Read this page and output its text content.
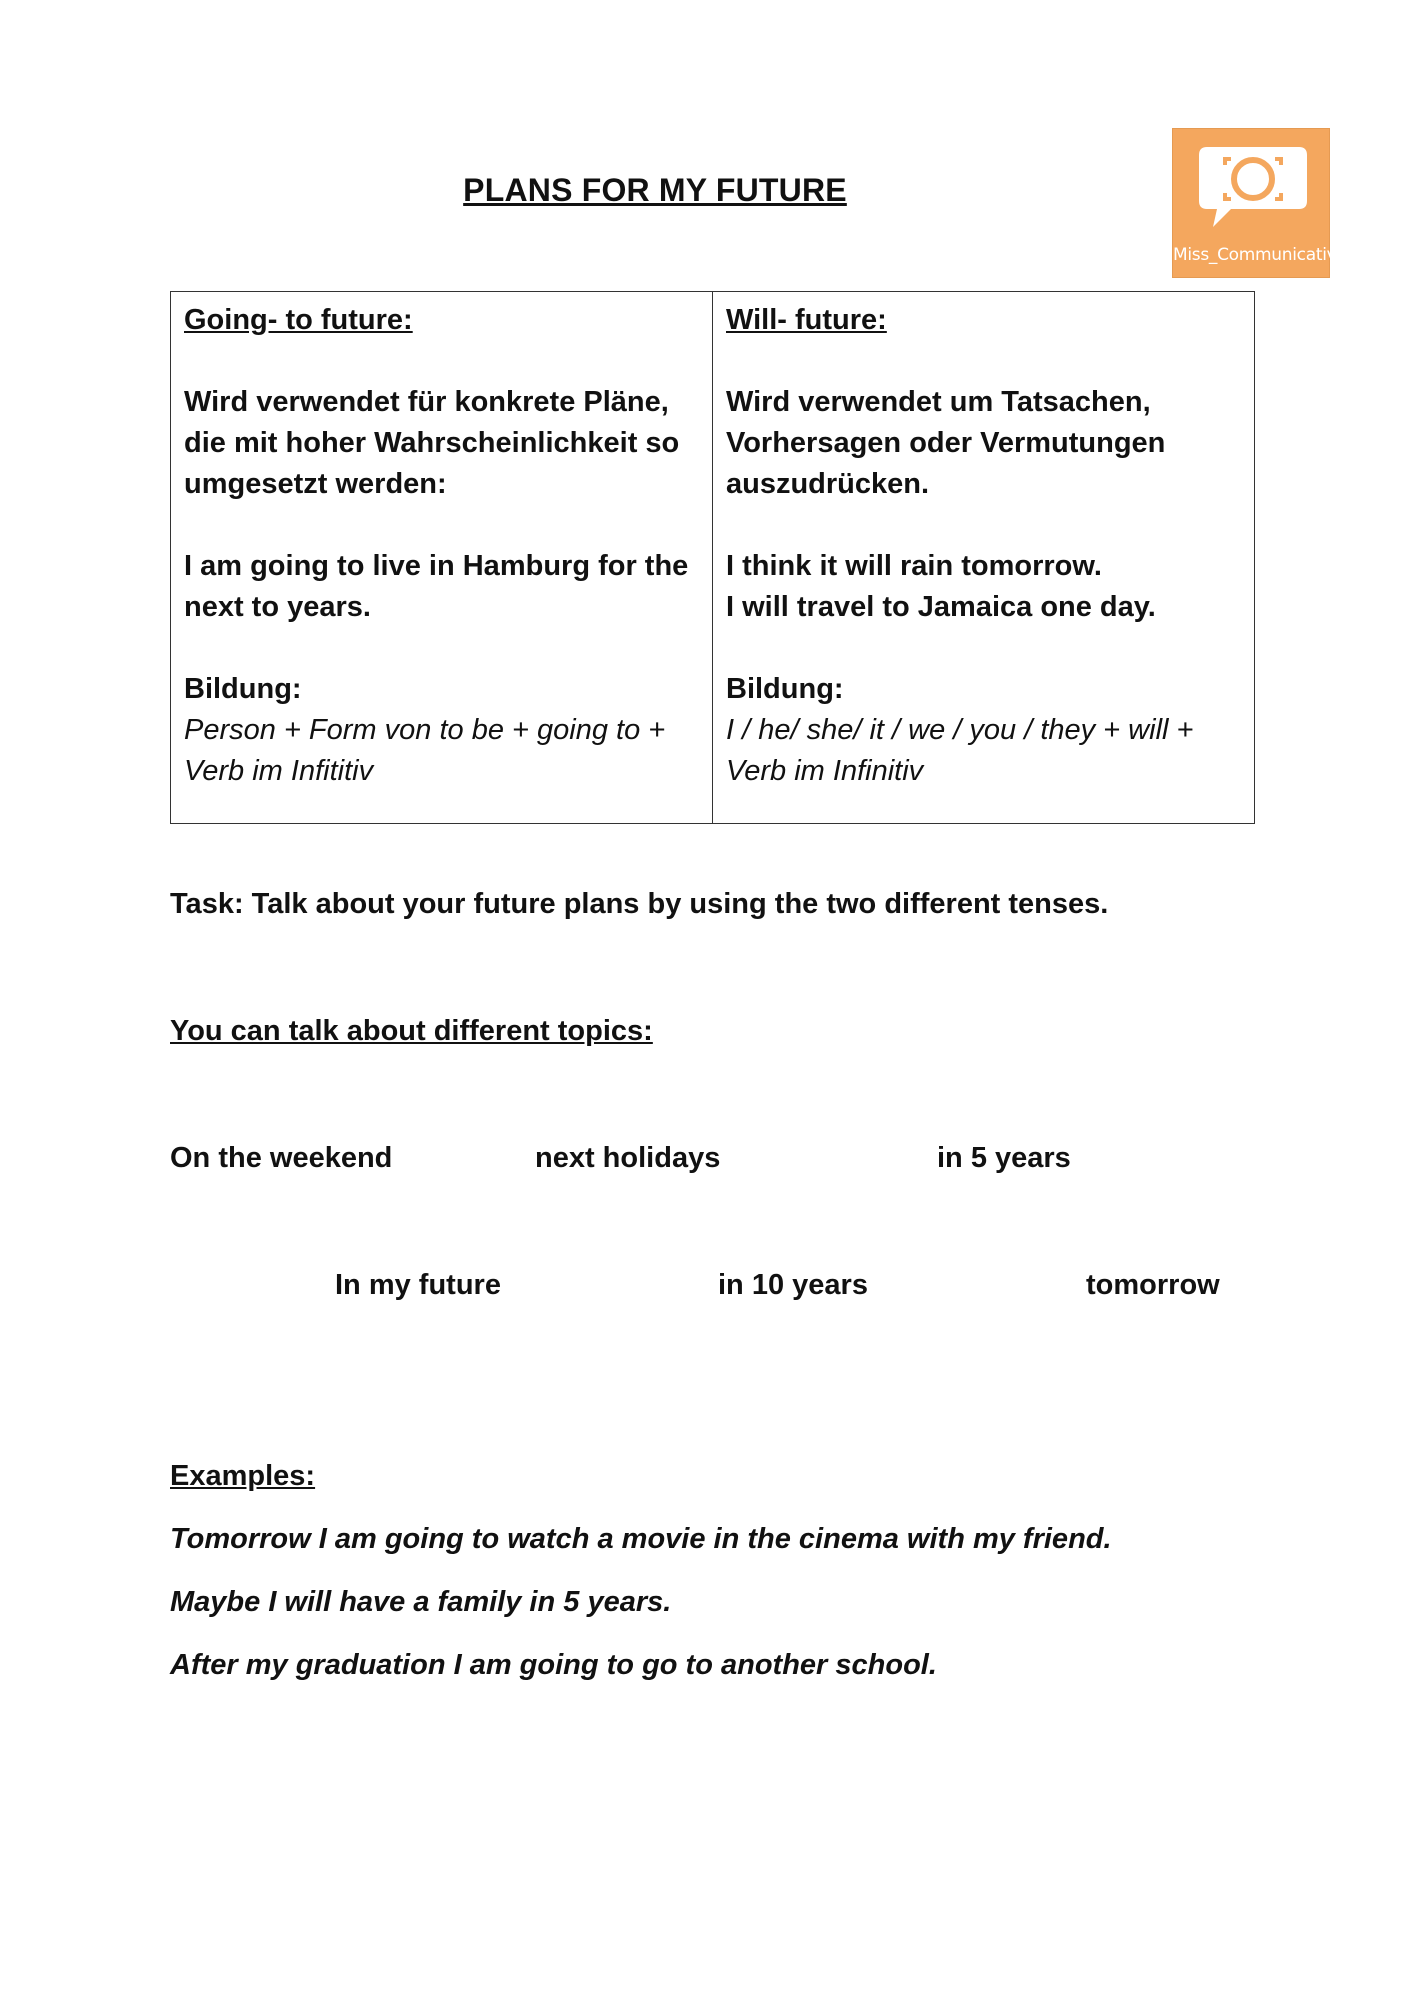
PLANS FOR MY FUTURE
Miss_Communicative
Going- to future:
Wird verwendet für konkrete Pläne,
die mit hoher Wahrscheinlichkeit so
umgesetzt werden:
I am going to live in Hamburg for the
next to years.
Bildung:
Person + Form von to be + going to +
Verb im Infititiv

Will- future:
Wird verwendet um Tatsachen,
Vorhersagen oder Vermutungen
auszudrücken.
I think it will rain tomorrow.
I will travel to Jamaica one day.
Bildung:
I / he/ she/ it / we / you / they + will +
Verb im Infinitiv
Task: Talk about your future plans by using the two different tenses.
You can talk about different topics:
On the weekend	next holidays	in 5 years
In my future	in 10 years	tomorrow
Examples:
Tomorrow I am going to watch a movie in the cinema with my friend.
Maybe I will have a family in 5 years.
After my graduation I am going to go to another school.
